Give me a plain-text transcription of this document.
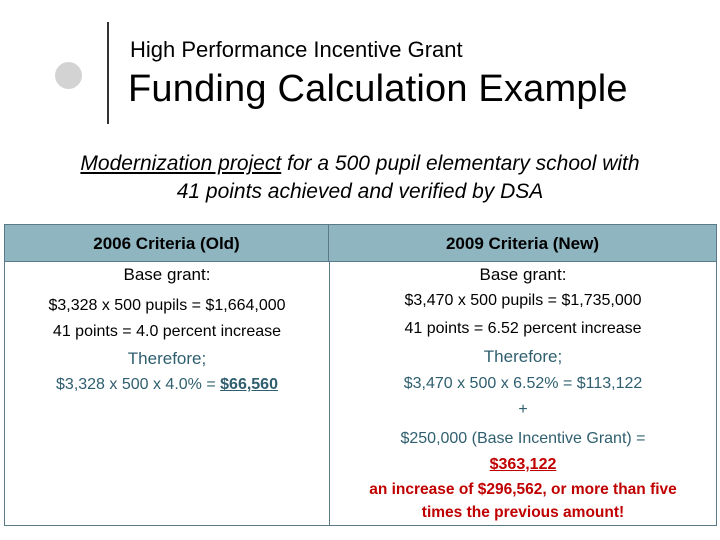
High Performance Incentive Grant
Funding Calculation Example
Modernization project for a 500 pupil elementary school with
41 points achieved and verified by DSA
2006 Criteria (Old)	2009 Criteria (New)
Base grant:
$3,328 x 500 pupils = $1,664,000
41 points = 4.0 percent increase
Therefore;
$3,328 x 500 x 4.0% = $66,560
Base grant:
$3,470 x 500 pupils = $1,735,000
41 points = 6.52 percent increase
Therefore;
$3,470 x 500 x 6.52% = $113,122
+
$250,000 (Base Incentive Grant) =
$363,122
an increase of $296,562, or more than five
times the previous amount!
